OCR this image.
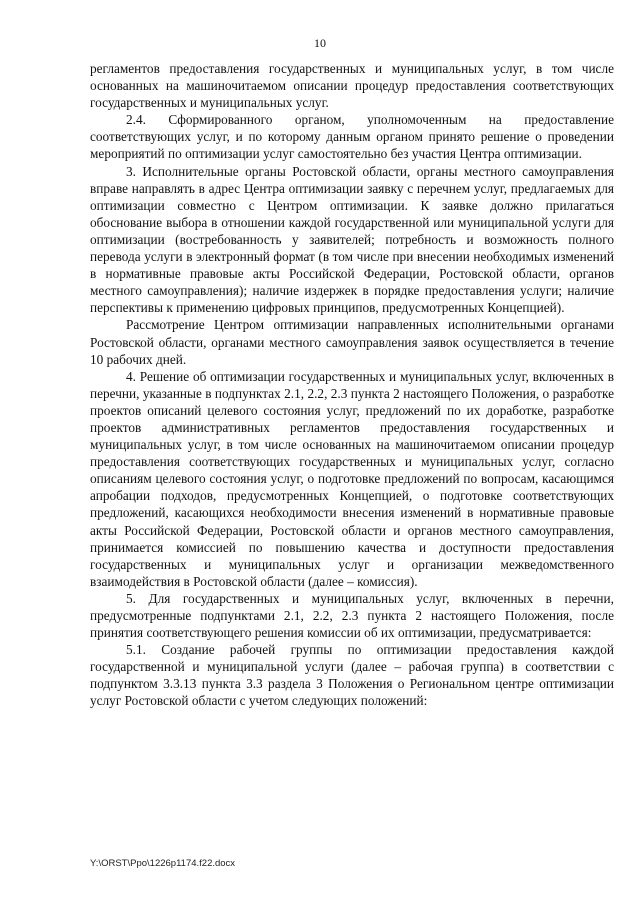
10

регламентов предоставления государственных и муниципальных услуг, в том числе основанных на машиночитаемом описании процедур предоставления соответствующих государственных и муниципальных услуг.

2.4. Сформированного органом, уполномоченным на предоставление соответствующих услуг, и по которому данным органом принято решение о проведении мероприятий по оптимизации услуг самостоятельно без участия Центра оптимизации.

3. Исполнительные органы Ростовской области, органы местного самоуправления вправе направлять в адрес Центра оптимизации заявку с перечнем услуг, предлагаемых для оптимизации совместно с Центром оптимизации. К заявке должно прилагаться обоснование выбора в отношении каждой государственной или муниципальной услуги для оптимизации (востребованность у заявителей; потребность и возможность полного перевода услуги в электронный формат (в том числе при внесении необходимых изменений в нормативные правовые акты Российской Федерации, Ростовской области, органов местного самоуправления); наличие издержек в порядке предоставления услуги; наличие перспективы к применению цифровых принципов, предусмотренных Концепцией).

Рассмотрение Центром оптимизации направленных исполнительными органами Ростовской области, органами местного самоуправления заявок осуществляется в течение 10 рабочих дней.

4. Решение об оптимизации государственных и муниципальных услуг, включенных в перечни, указанные в подпунктах 2.1, 2.2, 2.3 пункта 2 настоящего Положения, о разработке проектов описаний целевого состояния услуг, предложений по их доработке, разработке проектов административных регламентов предоставления государственных и муниципальных услуг, в том числе основанных на машиночитаемом описании процедур предоставления соответствующих государственных и муниципальных услуг, согласно описаниям целевого состояния услуг, о подготовке предложений по вопросам, касающимся апробации подходов, предусмотренных Концепцией, о подготовке соответствующих предложений, касающихся необходимости внесения изменений в нормативные правовые акты Российской Федерации, Ростовской области и органов местного самоуправления, принимается комиссией по повышению качества и доступности предоставления государственных и муниципальных услуг и организации межведомственного взаимодействия в Ростовской области (далее – комиссия).

5. Для государственных и муниципальных услуг, включенных в перечни, предусмотренные подпунктами 2.1, 2.2, 2.3 пункта 2 настоящего Положения, после принятия соответствующего решения комиссии об их оптимизации, предусматривается:

5.1. Создание рабочей группы по оптимизации предоставления каждой государственной и муниципальной услуги (далее – рабочая группа) в соответствии с подпунктом 3.3.13 пункта 3.3 раздела 3 Положения о Региональном центре оптимизации услуг Ростовской области с учетом следующих положений:

Y:\ORST\Ppo\1226p1174.f22.docx
